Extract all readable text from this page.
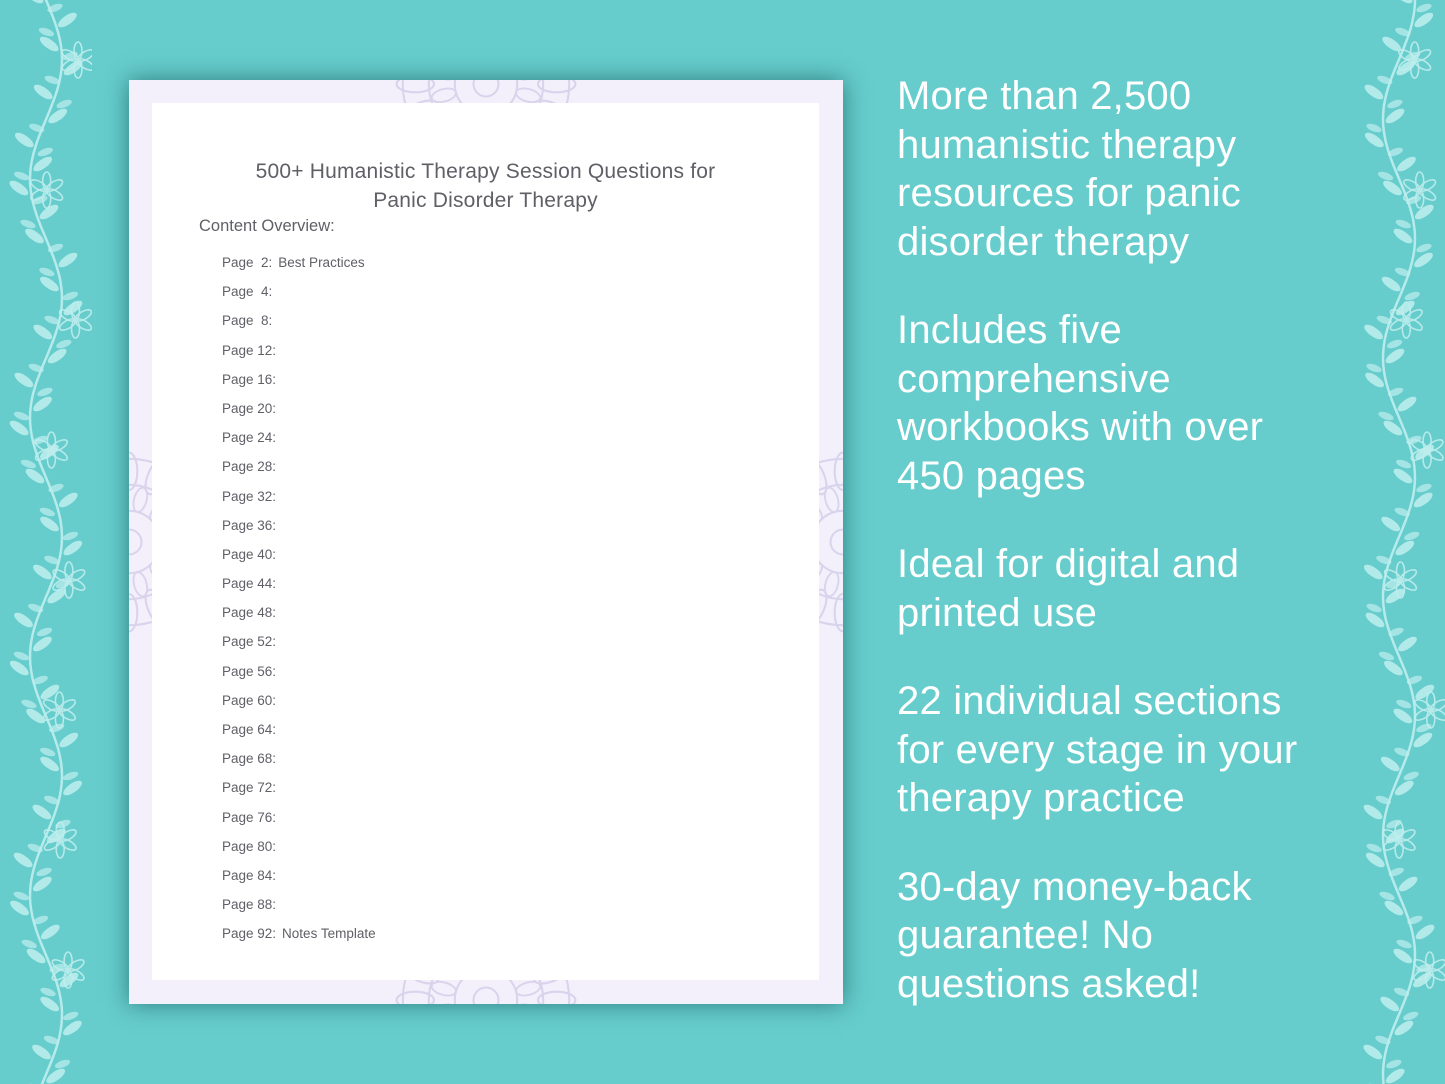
500+ Humanistic Therapy Session Questions for
Panic Disorder Therapy
Content Overview:
Page  2: Best Practices
Page  4:
Page  8:
Page 12:
Page 16:
Page 20:
Page 24:
Page 28:
Page 32:
Page 36:
Page 40:
Page 44:
Page 48:
Page 52:
Page 56:
Page 60:
Page 64:
Page 68:
Page 72:
Page 76:
Page 80:
Page 84:
Page 88:
Page 92: Notes Template
More than 2,500 humanistic therapy resources for panic disorder therapy
Includes five comprehensive workbooks with over 450 pages
Ideal for digital and printed use
22 individual sections for every stage in your therapy practice
30-day money-back guarantee! No questions asked!
